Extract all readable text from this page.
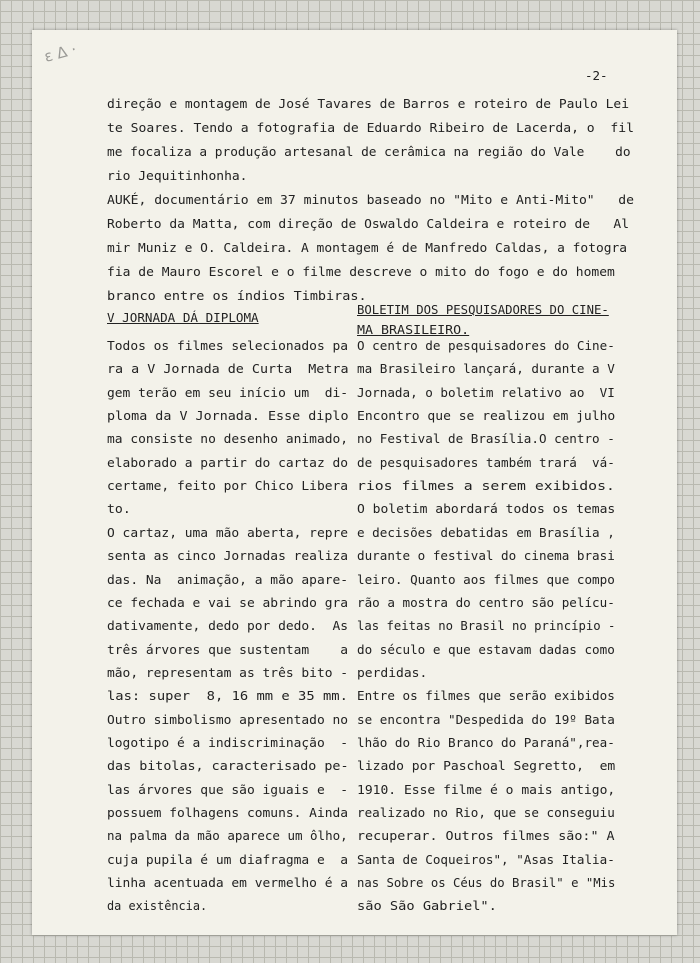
ε Δ ·
-2-
direção e montagem de José Tavares de Barros e roteiro de Paulo Lei
te Soares. Tendo a fotografia de Eduardo Ribeiro de Lacerda, o  fil
me focaliza a produção artesanal de cerâmica na região do Vale    do
rio Jequitinhonha.
AUKÉ, documentário em 37 minutos baseado no "Mito e Anti-Mito"   de
Roberto da Matta, com direção de Oswaldo Caldeira e roteiro de   Al
mir Muniz e O. Caldeira. A montagem é de Manfredo Caldas, a fotogra
fia de Mauro Escorel e o filme descreve o mito do fogo e do homem
branco entre os índios Timbiras.
V JORNADA DÁ DIPLOMA
Todos os filmes selecionados pa
ra a V Jornada de Curta  Metra
gem terão em seu início um  di-
ploma da V Jornada. Esse diplo
ma consiste no desenho animado,
elaborado a partir do cartaz do
certame, feito por Chico Libera
to.
O cartaz, uma mão aberta, repre
senta as cinco Jornadas realiza
das. Na  animação, a mão apare-
ce fechada e vai se abrindo gra
dativamente, dedo por dedo.  As
três árvores que sustentam    a
mão, representam as três bito -
las: super  8, 16 mm e 35 mm.
Outro simbolismo apresentado no
logotipo é a indiscriminação  -
das bitolas, caracterisado pe-
las árvores que são iguais e  -
possuem folhagens comuns. Ainda
na palma da mão aparece um ôlho,
cuja pupila é um diafragma e  a
linha acentuada em vermelho é a
da existência.
BOLETIM DOS PESQUISADORES DO CINE-
MA BRASILEIRO.
O centro de pesquisadores do Cine-
ma Brasileiro lançará, durante a V
Jornada, o boletim relativo ao  VI
Encontro que se realizou em julho
no Festival de Brasília.O centro -
de pesquisadores também trará  vá-
rios filmes a serem exibidos.
O boletim abordará todos os temas
e decisões debatidas em Brasília ,
durante o festival do cinema brasi
leiro. Quanto aos filmes que compo
rão a mostra do centro são pelícu-
las feitas no Brasil no princípio -
do século e que estavam dadas como
perdidas.
Entre os filmes que serão exibidos
se encontra "Despedida do 19º Bata
lhão do Rio Branco do Paraná",rea-
lizado por Paschoal Segretto,  em
1910. Esse filme é o mais antigo,
realizado no Rio, que se conseguiu
recuperar. Outros filmes são:" A
Santa de Coqueiros", "Asas Italia-
nas Sobre os Céus do Brasil" e "Mis
são São Gabriel".
